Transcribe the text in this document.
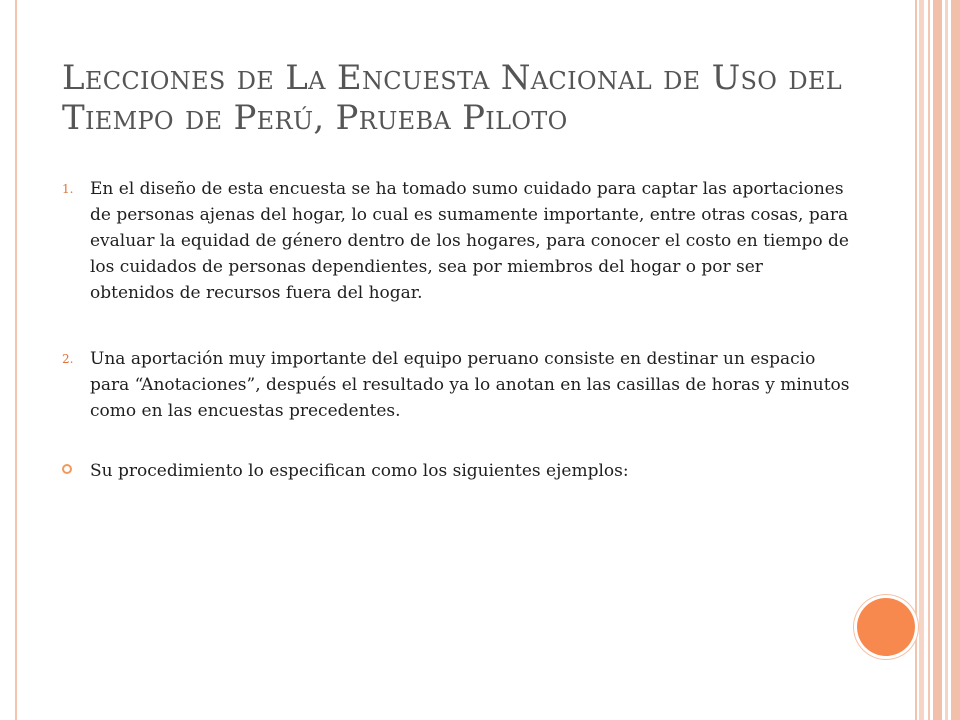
Lecciones de La Encuesta Nacional de Uso del Tiempo de Perú, Prueba Piloto
1. En el diseño de esta encuesta se ha tomado sumo cuidado para captar las aportaciones de personas ajenas del hogar, lo cual es sumamente importante, entre otras cosas, para evaluar la equidad de género dentro de los hogares, para conocer el costo en tiempo de los cuidados de personas dependientes, sea por miembros del hogar o por ser obtenidos de recursos fuera del hogar.
2. Una aportación muy importante del equipo peruano consiste en destinar un espacio para “Anotaciones”, después el resultado ya lo anotan en las casillas de horas y minutos como en las encuestas precedentes.
Su procedimiento lo especifican como los siguientes ejemplos:
